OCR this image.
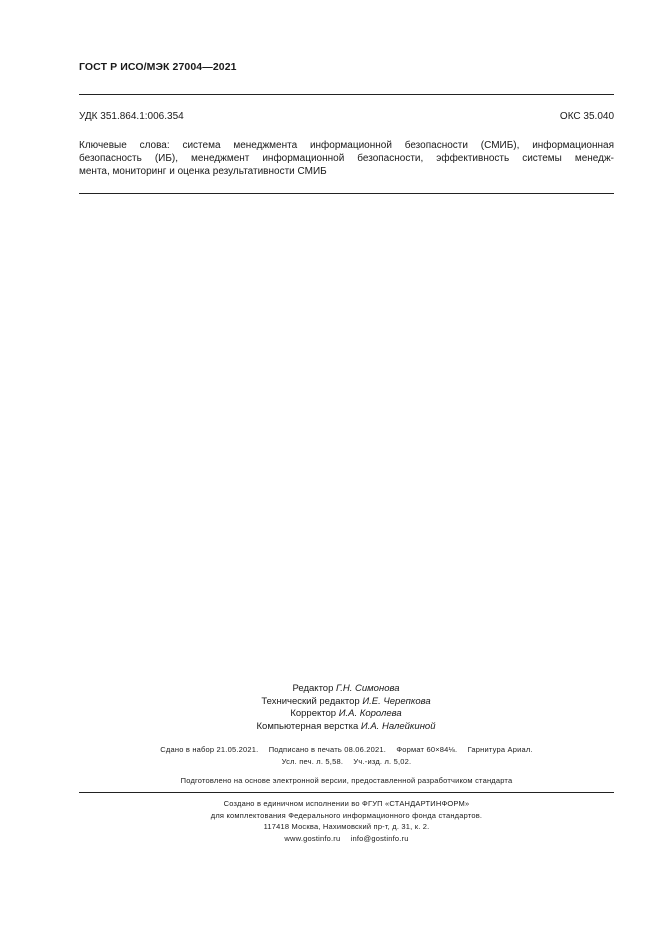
ГОСТ Р ИСО/МЭК 27004—2021
УДК 351.864.1:006.354	ОКС 35.040
Ключевые слова: система менеджмента информационной безопасности (СМИБ), информационная
безопасность (ИБ), менеджмент информационной безопасности, эффективность системы менедж-
мента, мониторинг и оценка результативности СМИБ
Редактор Г.Н. Симонова
Технический редактор И.Е. Черепкова
Корректор И.А. Королева
Компьютерная верстка И.А. Налейкиной
Сдано в набор 21.05.2021. Подписано в печать 08.06.2021. Формат 60×84⅛. Гарнитура Ариал.
Усл. печ. л. 5,58. Уч.-изд. л. 5,02.
Подготовлено на основе электронной версии, предоставленной разработчиком стандарта
Создано в единичном исполнении во ФГУП «СТАНДАРТИНФОРМ»
для комплектования Федерального информационного фонда стандартов.
117418 Москва, Нахимовский пр-т, д. 31, к. 2.
www.gostinfo.ru info@gostinfo.ru
